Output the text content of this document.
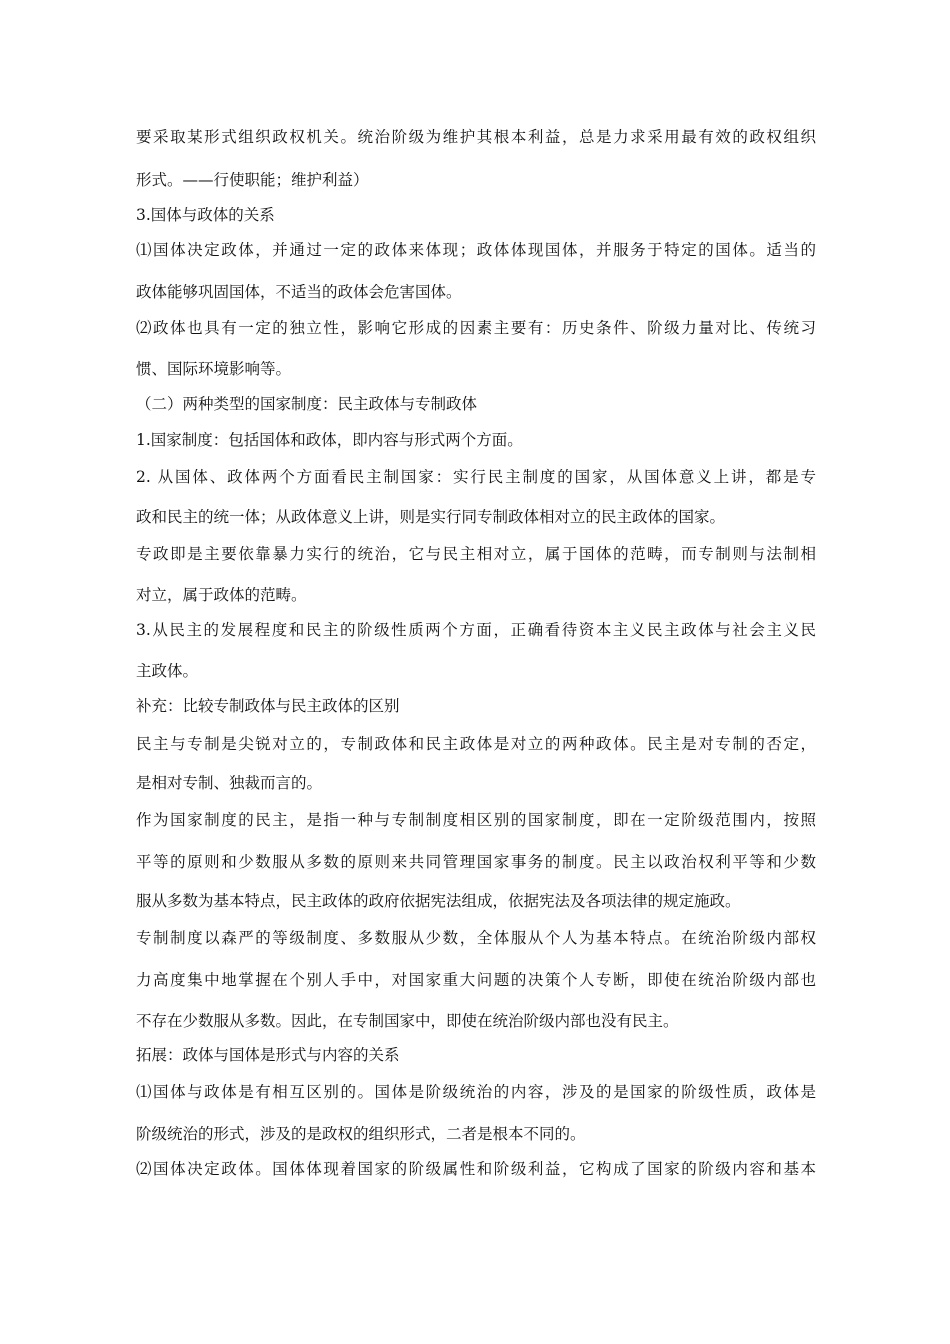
要采取某形式组织政权机关。统治阶级为维护其根本利益，总是力求采用最有效的政权组织
形式。——行使职能；维护利益）
3.国体与政体的关系
⑴国体决定政体，并通过一定的政体来体现；政体体现国体，并服务于特定的国体。适当的
政体能够巩固国体，不适当的政体会危害国体。
⑵政体也具有一定的独立性，影响它形成的因素主要有：历史条件、阶级力量对比、传统习
惯、国际环境影响等。
（二）两种类型的国家制度：民主政体与专制政体
1.国家制度：包括国体和政体，即内容与形式两个方面。
2. 从国体、政体两个方面看民主制国家：实行民主制度的国家，从国体意义上讲，都是专
政和民主的统一体；从政体意义上讲，则是实行同专制政体相对立的民主政体的国家。
专政即是主要依靠暴力实行的统治，它与民主相对立，属于国体的范畴，而专制则与法制相
对立，属于政体的范畴。
3.从民主的发展程度和民主的阶级性质两个方面，正确看待资本主义民主政体与社会主义民
主政体。
补充：比较专制政体与民主政体的区别
民主与专制是尖锐对立的，专制政体和民主政体是对立的两种政体。民主是对专制的否定，
是相对专制、独裁而言的。
作为国家制度的民主，是指一种与专制制度相区别的国家制度，即在一定阶级范围内，按照
平等的原则和少数服从多数的原则来共同管理国家事务的制度。民主以政治权利平等和少数
服从多数为基本特点，民主政体的政府依据宪法组成，依据宪法及各项法律的规定施政。
专制制度以森严的等级制度、多数服从少数，全体服从个人为基本特点。在统治阶级内部权
力高度集中地掌握在个别人手中，对国家重大问题的决策个人专断，即使在统治阶级内部也
不存在少数服从多数。因此，在专制国家中，即使在统治阶级内部也没有民主。
拓展：政体与国体是形式与内容的关系
⑴国体与政体是有相互区别的。国体是阶级统治的内容，涉及的是国家的阶级性质，政体是
阶级统治的形式，涉及的是政权的组织形式，二者是根本不同的。
⑵国体决定政体。国体体现着国家的阶级属性和阶级利益，它构成了国家的阶级内容和基本
